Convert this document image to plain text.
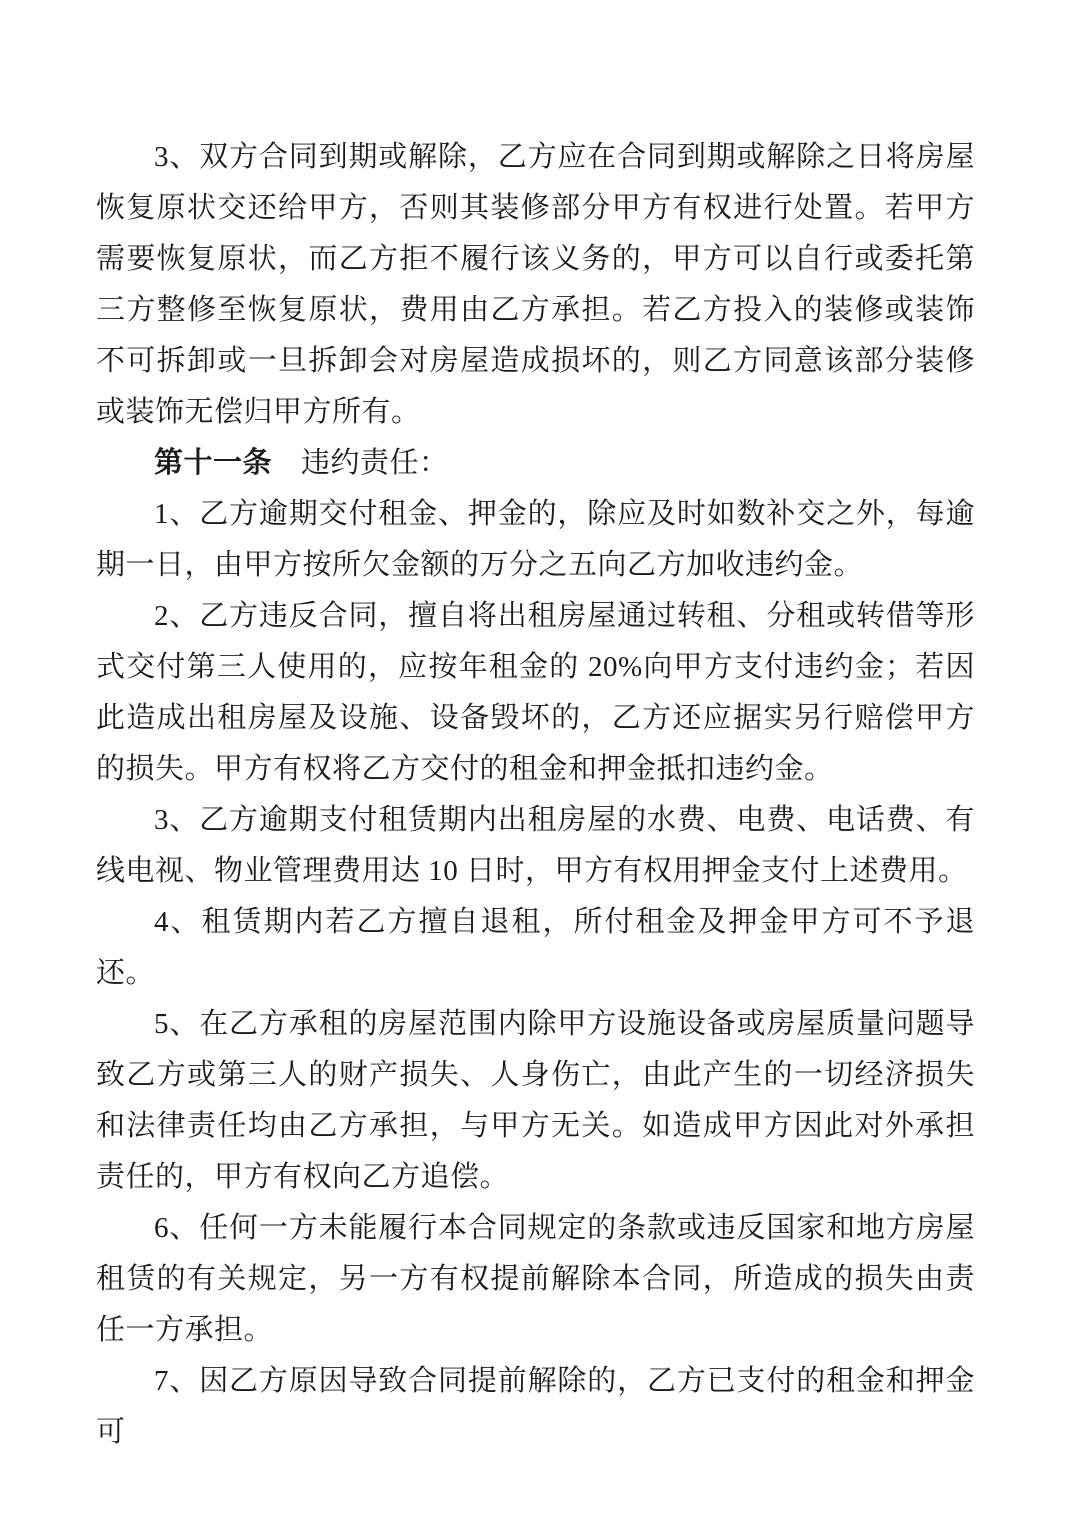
3、双方合同到期或解除，乙方应在合同到期或解除之日将房屋恢复原状交还给甲方，否则其装修部分甲方有权进行处置。若甲方需要恢复原状，而乙方拒不履行该义务的，甲方可以自行或委托第三方整修至恢复原状，费用由乙方承担。若乙方投入的装修或装饰不可拆卸或一旦拆卸会对房屋造成损坏的，则乙方同意该部分装修或装饰无偿归甲方所有。

第十一条 违约责任：

1、乙方逾期交付租金、押金的，除应及时如数补交之外，每逾期一日，由甲方按所欠金额的万分之五向乙方加收违约金。

2、乙方违反合同，擅自将出租房屋通过转租、分租或转借等形式交付第三人使用的，应按年租金的 20%向甲方支付违约金；若因此造成出租房屋及设施、设备毁坏的，乙方还应据实另行赔偿甲方的损失。甲方有权将乙方交付的租金和押金抵扣违约金。

3、乙方逾期支付租赁期内出租房屋的水费、电费、电话费、有线电视、物业管理费用达 10 日时，甲方有权用押金支付上述费用。

4、租赁期内若乙方擅自退租，所付租金及押金甲方可不予退还。

5、在乙方承租的房屋范围内除甲方设施设备或房屋质量问题导致乙方或第三人的财产损失、人身伤亡，由此产生的一切经济损失和法律责任均由乙方承担，与甲方无关。如造成甲方因此对外承担责任的，甲方有权向乙方追偿。

6、任何一方未能履行本合同规定的条款或违反国家和地方房屋租赁的有关规定，另一方有权提前解除本合同，所造成的损失由责任一方承担。

7、因乙方原因导致合同提前解除的，乙方已支付的租金和押金可
